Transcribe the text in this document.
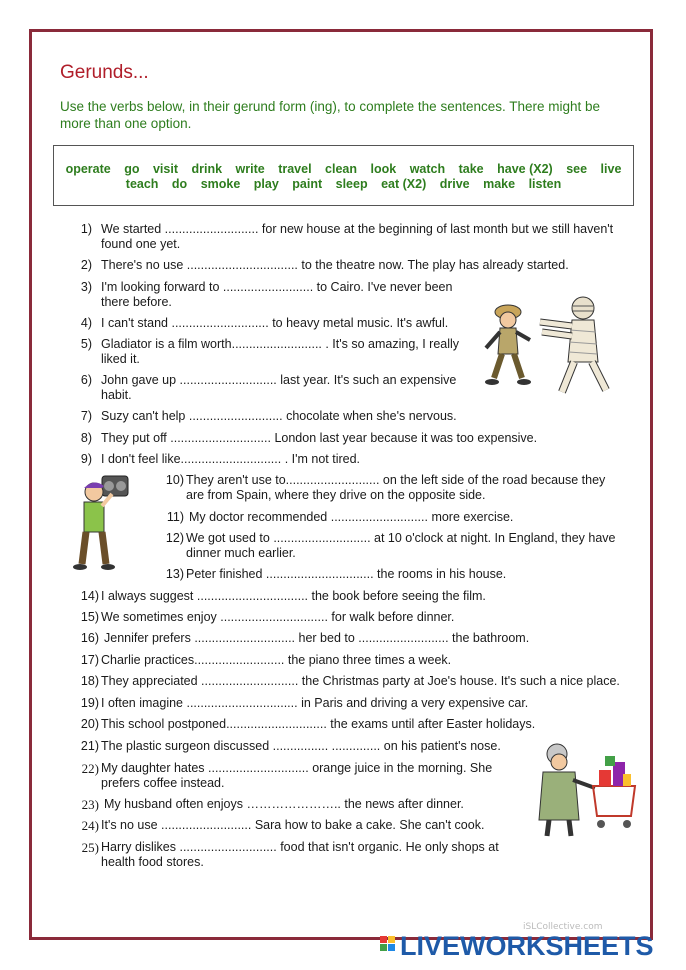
Gerunds...

Use the verbs below, in their gerund form (ing), to complete the sentences. There might be more than one option.

operate go visit drink write travel clean look watch take have (X2) see live
teach do smoke play paint sleep eat (X2) drive make listen
1) We started ........................... for new house at the beginning of last month but we still haven't found one yet.
2) There's no use ................................ to the theatre now. The play has already started.
3) I'm looking forward to .......................... to Cairo. I've never been there before.
4) I can't stand ............................ to heavy metal music. It's awful.
5) Gladiator is a film worth.......................... . It's so amazing, I really liked it.
6) John gave up ............................ last year. It's such an expensive habit.
7) Suzy can't help ........................... chocolate when she's nervous.
8) They put off ............................. London last year because it was too expensive.
9) I don't feel like............................. . I'm not tired.
10) They aren't use to........................... on the left side of the road because they are from Spain, where they drive on the opposite side.
11) My doctor recommended ............................ more exercise.
12) We got used to ............................ at 10 o'clock at night. In England, they have dinner much earlier.
13) Peter finished ............................... the rooms in his house.
14) I always suggest ................................ the book before seeing the film.
15) We sometimes enjoy ............................... for walk before dinner.
16) Jennifer prefers ............................. her bed to .......................... the bathroom.
17) Charlie practices.......................... the piano three times a week.
18) They appreciated ............................ the Christmas party at Joe's house. It's such a nice place.
19) I often imagine ................................ in Paris and driving a very expensive car.
20) This school postponed............................. the exams until after Easter holidays.
21) The plastic surgeon discussed ................ .............. on his patient's nose.
22) My daughter hates ............................. orange juice in the morning. She prefers coffee instead.
23) My husband often enjoys ………………….. the news after dinner.
24) It's no use .......................... Sara how to bake a cake. She can't cook.
25) Harry dislikes ............................ food that isn't organic. He only shops at health food stores.
iSLCollective.com
LIVEWORKSHEETS
